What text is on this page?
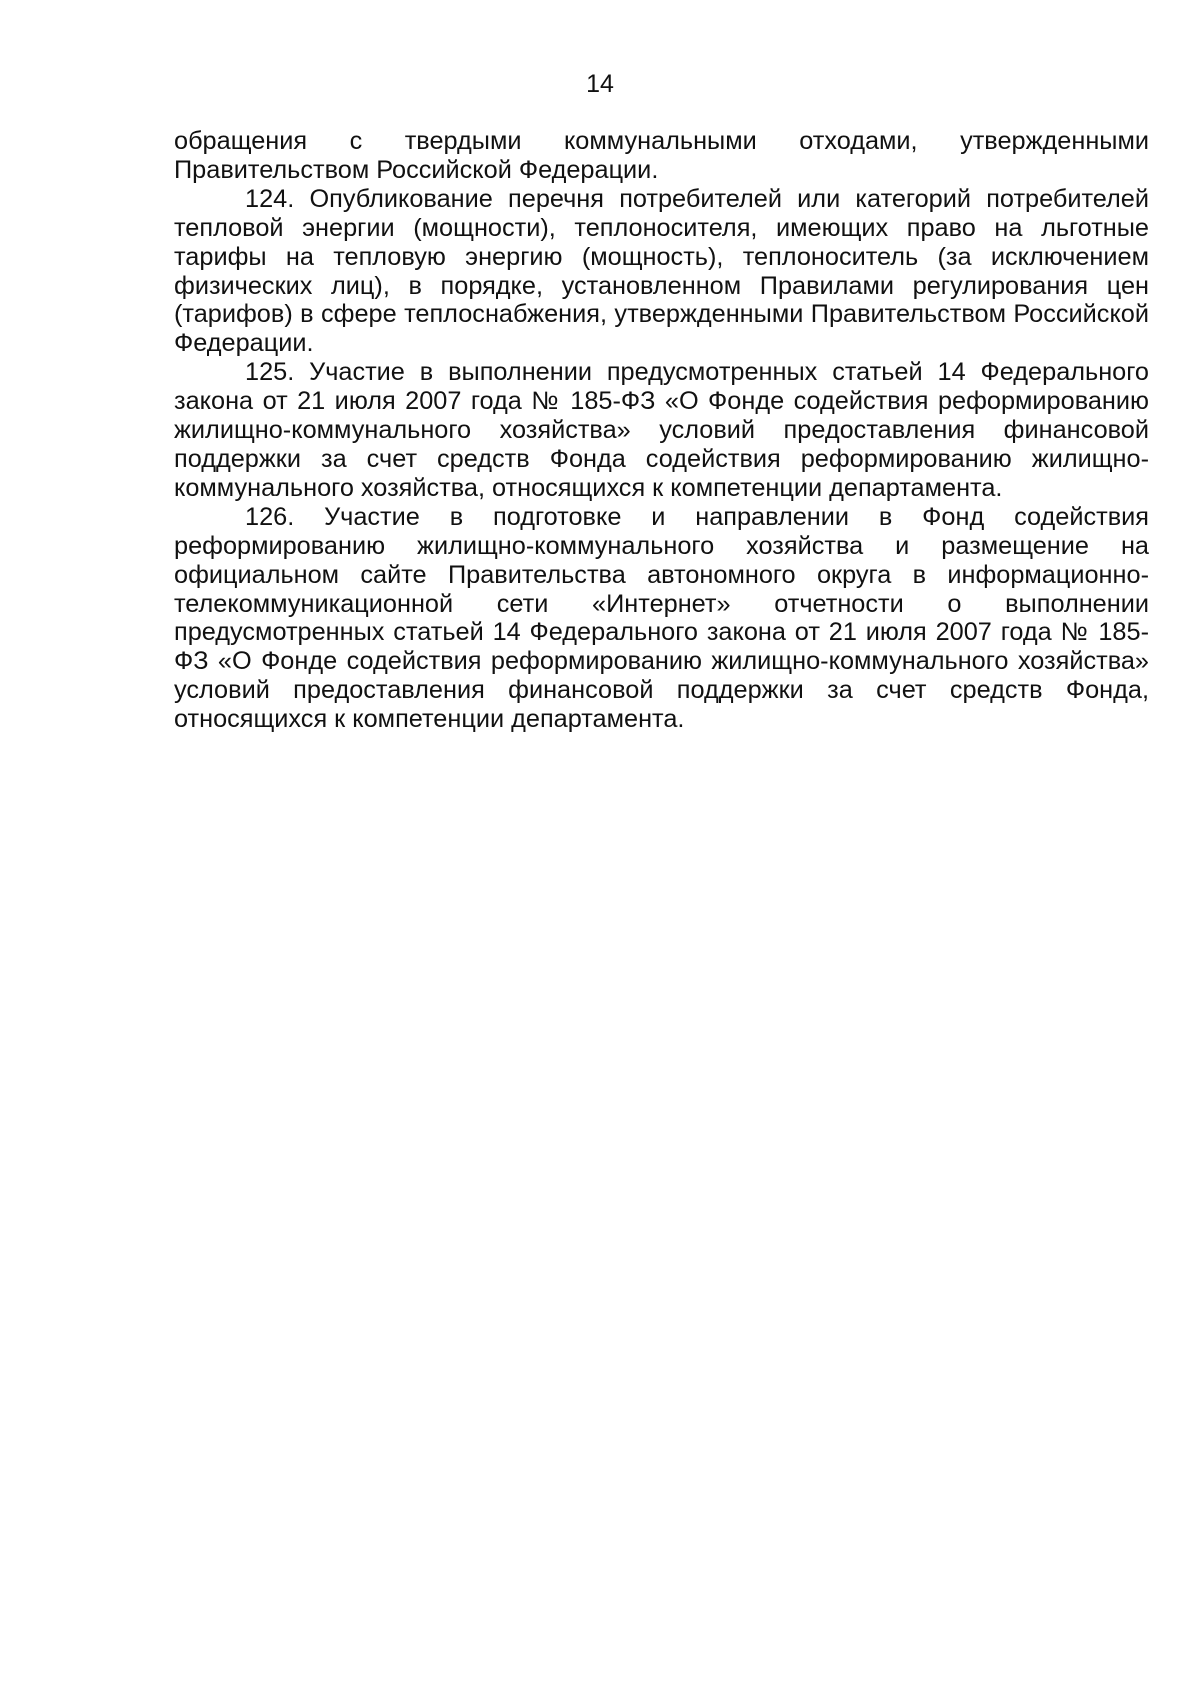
14

обращения с твердыми коммунальными отходами, утвержденными Правительством Российской Федерации.

124. Опубликование перечня потребителей или категорий потребителей тепловой энергии (мощности), теплоносителя, имеющих право на льготные тарифы на тепловую энергию (мощность), теплоноситель (за исключением физических лиц), в порядке, установленном Правилами регулирования цен (тарифов) в сфере теплоснабжения, утвержденными Правительством Российской Федерации.

125. Участие в выполнении предусмотренных статьей 14 Федерального закона от 21 июля 2007 года № 185-ФЗ «О Фонде содействия реформированию жилищно-коммунального хозяйства» условий предоставления финансовой поддержки за счет средств Фонда содействия реформированию жилищно-коммунального хозяйства, относящихся к компетенции департамента.

126. Участие в подготовке и направлении в Фонд содействия реформированию жилищно-коммунального хозяйства и размещение на официальном сайте Правительства автономного округа в информационно-телекоммуникационной сети «Интернет» отчетности о выполнении предусмотренных статьей 14 Федерального закона от 21 июля 2007 года № 185-ФЗ «О Фонде содействия реформированию жилищно-коммунального хозяйства» условий предоставления финансовой поддержки за счет средств Фонда, относящихся к компетенции департамента.
